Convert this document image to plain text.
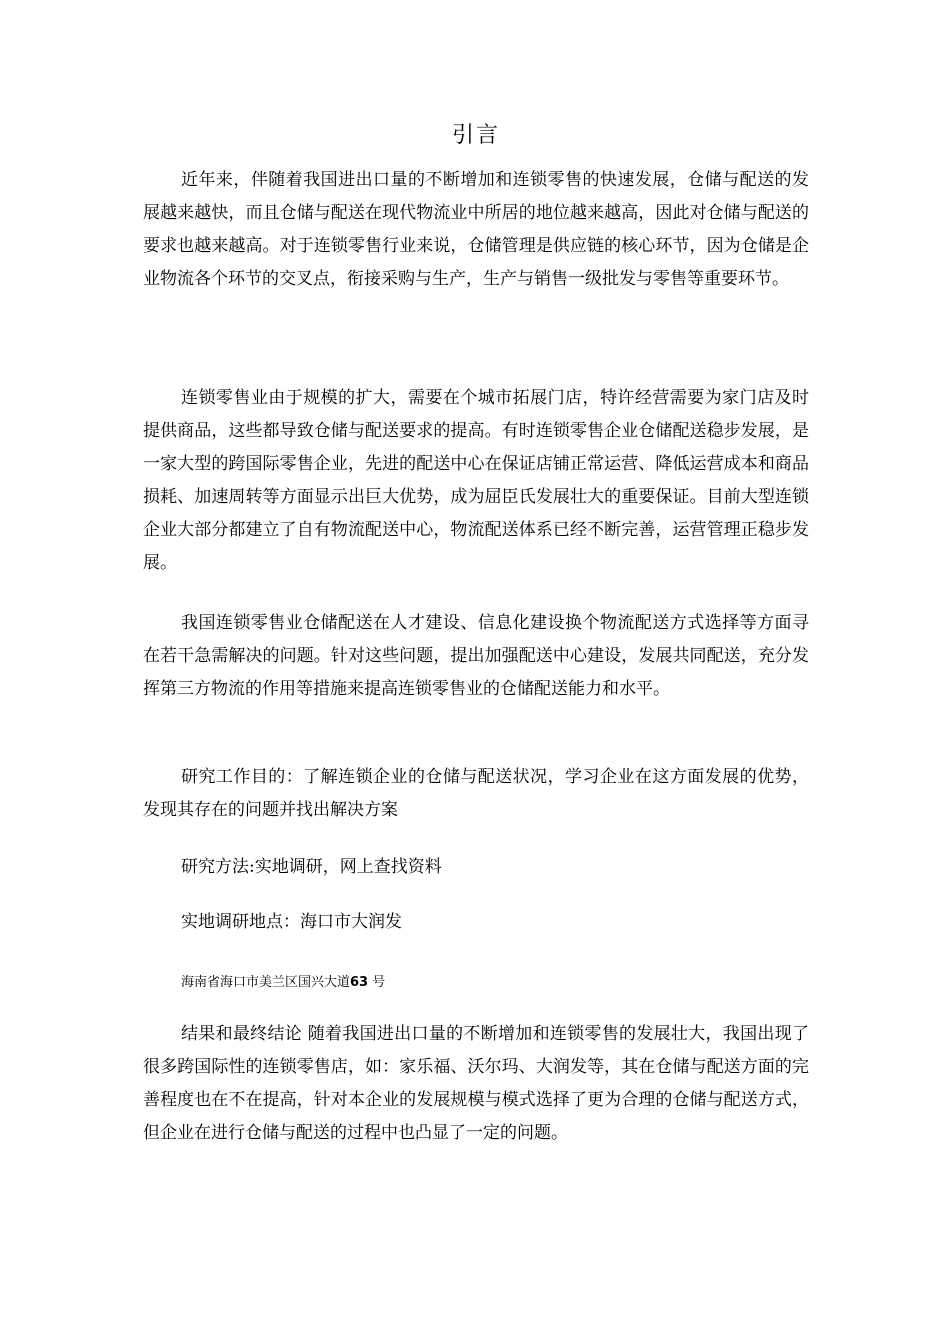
引言

近年来，伴随着我国进出口量的不断增加和连锁零售的快速发展，仓储与配送的发展越来越快，而且仓储与配送在现代物流业中所居的地位越来越高，因此对仓储与配送的要求也越来越高。对于连锁零售行业来说，仓储管理是供应链的核心环节，因为仓储是企业物流各个环节的交叉点，衔接采购与生产，生产与销售一级批发与零售等重要环节。

连锁零售业由于规模的扩大，需要在个城市拓展门店，特许经营需要为家门店及时提供商品，这些都导致仓储与配送要求的提高。有时连锁零售企业仓储配送稳步发展，是一家大型的跨国际零售企业，先进的配送中心在保证店铺正常运营、降低运营成本和商品损耗、加速周转等方面显示出巨大优势，成为屈臣氏发展壮大的重要保证。目前大型连锁企业大部分都建立了自有物流配送中心，物流配送体系已经不断完善，运营管理正稳步发展。

我国连锁零售业仓储配送在人才建设、信息化建设换个物流配送方式选择等方面寻在若干急需解决的问题。针对这些问题，提出加强配送中心建设，发展共同配送，充分发挥第三方物流的作用等措施来提高连锁零售业的仓储配送能力和水平。

研究工作目的：了解连锁企业的仓储与配送状况，学习企业在这方面发展的优势，发现其存在的问题并找出解决方案

研究方法:实地调研，网上查找资料

实地调研地点：海口市大润发

海南省海口市美兰区国兴大道63 号

结果和最终结论 随着我国进出口量的不断增加和连锁零售的发展壮大，我国出现了很多跨国际性的连锁零售店，如：家乐福、沃尔玛、大润发等，其在仓储与配送方面的完善程度也在不在提高，针对本企业的发展规模与模式选择了更为合理的仓储与配送方式，但企业在进行仓储与配送的过程中也凸显了一定的问题。
